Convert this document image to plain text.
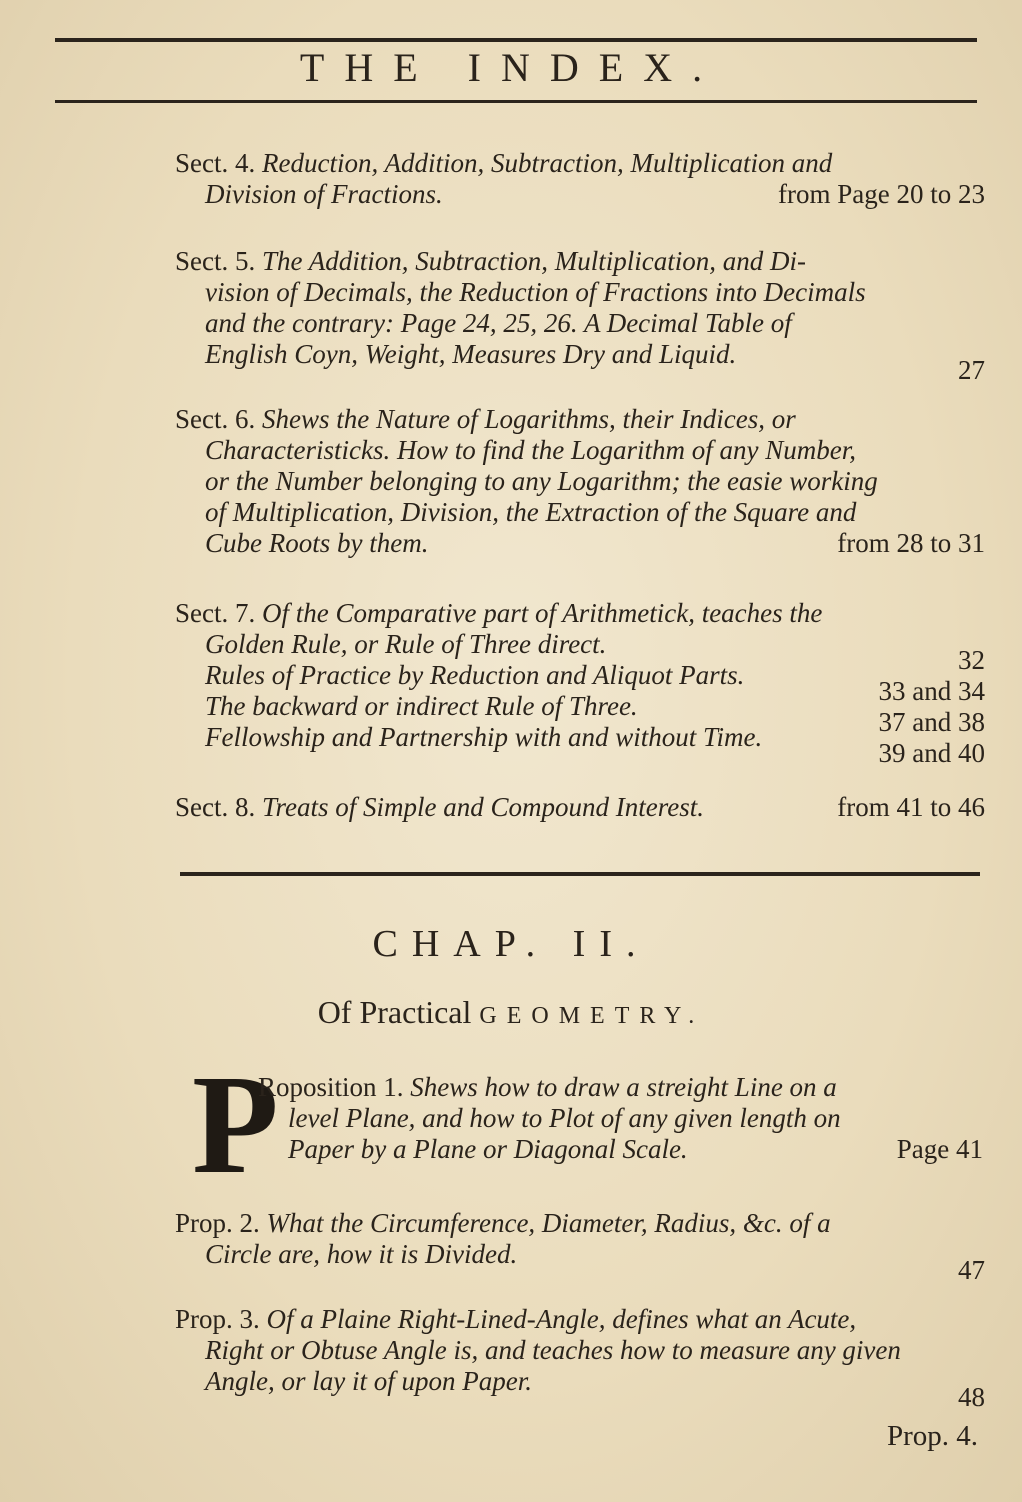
THE INDEX.
Sect. 4. Reduction, Addition, Subtraction, Multiplication and
Division of Fractions.	from Page 20 to 23
Sect. 5. The Addition, Subtraction, Multiplication, and Di-
vision of Decimals, the Reduction of Fractions into Decimals
and the contrary: Page 24, 25, 26. A Decimal Table of
English Coyn, Weight, Measures Dry and Liquid.
27
Sect. 6. Shews the Nature of Logarithms, their Indices, or
Characteristicks. How to find the Logarithm of any Number,
or the Number belonging to any Logarithm; the easie working
of Multiplication, Division, the Extraction of the Square and
Cube Roots by them.	from 28 to 31
Sect. 7. Of the Comparative part of Arithmetick, teaches the
Golden Rule, or Rule of Three direct.
32
Rules of Practice by Reduction and Aliquot Parts.
33 and 34
The backward or indirect Rule of Three.
37 and 38
Fellowship and Partnership with and without Time.
39 and 40
Sect. 8. Treats of Simple and Compound Interest.	from 41 to 46
CHAP. II.
Of Practical GEOMETRY.
P
Roposition 1. Shews how to draw a streight Line on a
level Plane, and how to Plot of any given length on
Paper by a Plane or Diagonal Scale.	Page 41
Prop. 2. What the Circumference, Diameter, Radius, &c. of a
Circle are, how it is Divided.
47
Prop. 3. Of a Plaine Right-Lined-Angle, defines what an Acute,
Right or Obtuse Angle is, and teaches how to measure any given
Angle, or lay it of upon Paper.
48
Prop. 4.
